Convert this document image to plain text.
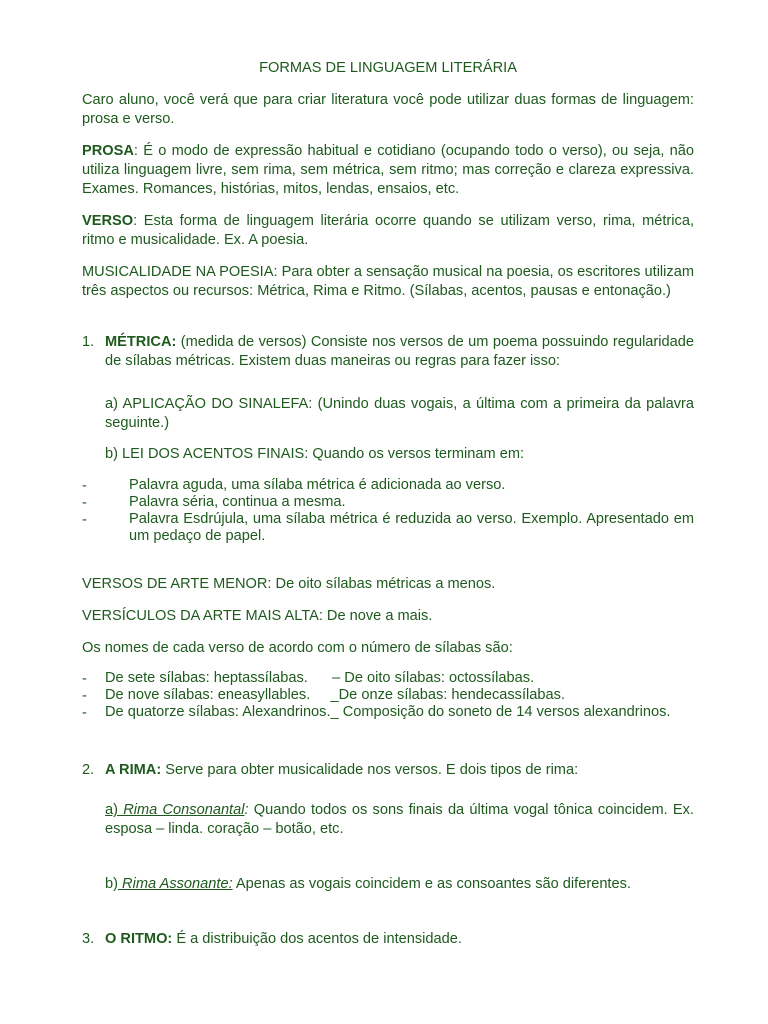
FORMAS DE LINGUAGEM LITERÁRIA

Caro aluno, você verá que para criar literatura você pode utilizar duas formas de linguagem: prosa e verso.

PROSA: É o modo de expressão habitual e cotidiano (ocupando todo o verso), ou seja, não utiliza linguagem livre, sem rima, sem métrica, sem ritmo; mas correção e clareza expressiva. Exames. Romances, histórias, mitos, lendas, ensaios, etc.

VERSO: Esta forma de linguagem literária ocorre quando se utilizam verso, rima, métrica, ritmo e musicalidade. Ex. A poesia.

MUSICALIDADE NA POESIA: Para obter a sensação musical na poesia, os escritores utilizam três aspectos ou recursos: Métrica, Rima e Ritmo. (Sílabas, acentos, pausas e entonação.)

1. MÉTRICA: (medida de versos) Consiste nos versos de um poema possuindo regularidade de sílabas métricas. Existem duas maneiras ou regras para fazer isso:

a) APLICAÇÃO DO SINALEFA: (Unindo duas vogais, a última com a primeira da palavra seguinte.)

b) LEI DOS ACENTOS FINAIS: Quando os versos terminam em:

-	Palavra aguda, uma sílaba métrica é adicionada ao verso.

-	Palavra séria, continua a mesma.

-	Palavra Esdrújula, uma sílaba métrica é reduzida ao verso. Exemplo. Apresentado em um pedaço de papel.

VERSOS DE ARTE MENOR: De oito sílabas métricas a menos.

VERSÍCULOS DA ARTE MAIS ALTA: De nove a mais.

Os nomes de cada verso de acordo com o número de sílabas são:

- De sete sílabas: heptassílabas.      – De oito sílabas: octossílabas.

- De nove sílabas: eneasyllables.     _De onze sílabas: hendecassílabas.

- De quatorze sílabas: Alexandrinos._ Composição do soneto de 14 versos alexandrinos.

2. A RIMA: Serve para obter musicalidade nos versos. E dois tipos de rima:

a) Rima Consonantal: Quando todos os sons finais da última vogal tônica coincidem. Ex. esposa – linda. coração – botão, etc.

b) Rima Assonante: Apenas as vogais coincidem e as consoantes são diferentes.

3. O RITMO: É a distribuição dos acentos de intensidade.
